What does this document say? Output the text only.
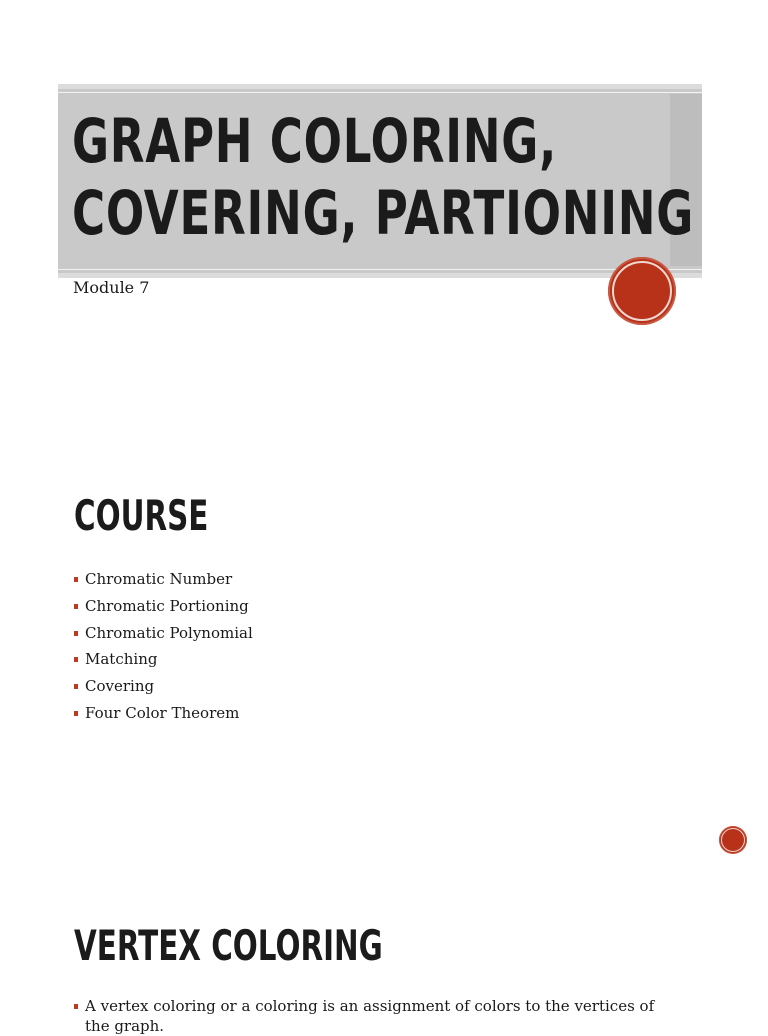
GRAPH COLORING,
COVERING, PARTIONING

Module 7

COURSE
Chromatic Number
Chromatic Portioning
Chromatic Polynomial
Matching
Covering
Four Color Theorem
VERTEX COLORING
A vertex coloring or a coloring is an assignment of colors to the vertices of the graph.
